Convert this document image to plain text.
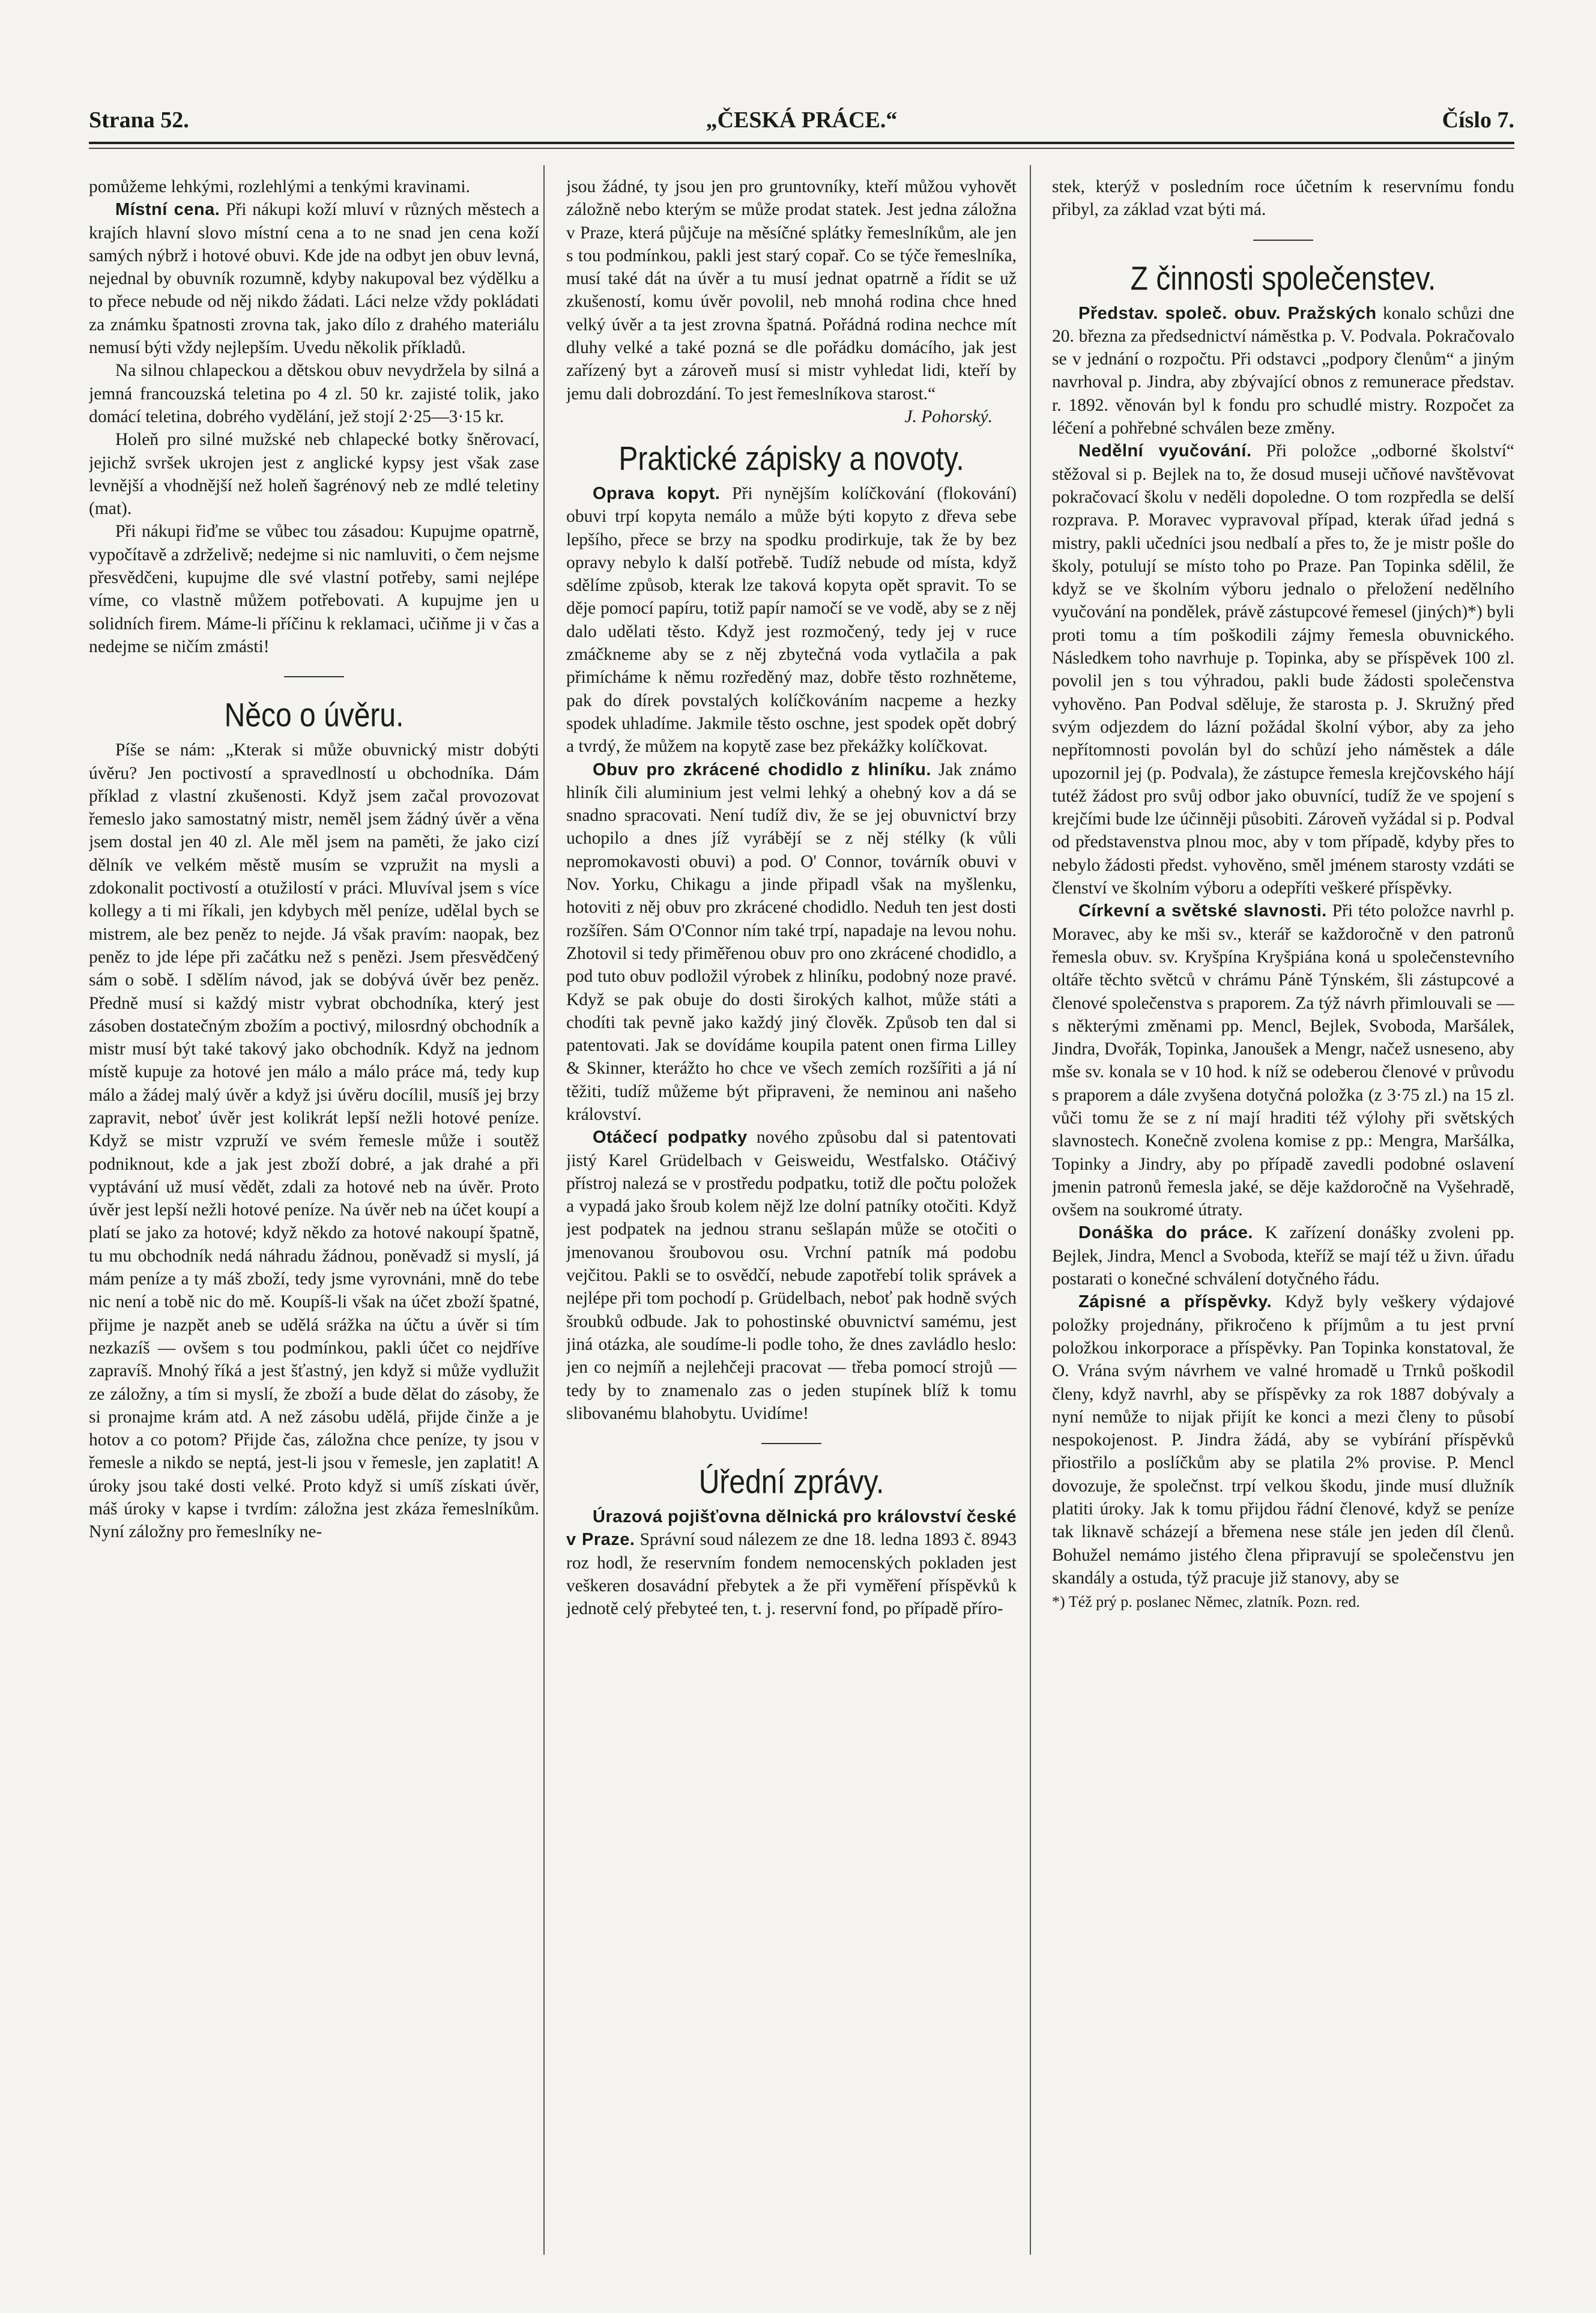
Strana 52.	„ČESKÁ PRÁCE.“	Číslo 7.

pomůžeme lehkými, rozlehlými a tenkými kravinami.

Místní cena. Při nákupi koží mluví v různých městech a krajích hlavní slovo místní cena a to ne snad jen cena koží samých nýbrž i hotové obuvi. Kde jde na odbyt jen obuv levná, nejednal by obuvník rozumně, kdyby nakupoval bez výdělku a to přece nebude od něj nikdo žádati. Láci nelze vždy pokládati za známku špatnosti zrovna tak, jako dílo z drahého materiálu nemusí býti vždy nejlepším. Uvedu několik příkladů.

Na silnou chlapeckou a dětskou obuv nevydržela by silná a jemná francouzská teletina po 4 zl. 50 kr. zajisté tolik, jako domácí teletina, dobrého vydělání, jež stojí 2·25—3·15 kr.

Holeň pro silné mužské neb chlapecké botky šněrovací, jejichž svršek ukrojen jest z anglické kypsy jest však zase levnější a vhodnější než holeň šagrénový neb ze mdlé teletiny (mat).

Při nákupi řiďme se vůbec tou zásadou: Kupujme opatrně, vypočítavě a zdrželivě; nedejme si nic namluviti, o čem nejsme přesvědčeni, kupujme dle své vlastní potřeby, sami nejlépe víme, co vlastně můžem potřebovati. A kupujme jen u solidních firem. Máme-li příčinu k reklamaci, učiňme ji v čas a nedejme se ničím zmásti!

Něco o úvěru.

Píše se nám: „Kterak si může obuvnický mistr dobýti úvěru? Jen poctivostí a spravedlností u obchodníka. Dám příklad z vlastní zkušenosti. Když jsem začal provozovat řemeslo jako samostatný mistr, neměl jsem žádný úvěr a věna jsem dostal jen 40 zl. Ale měl jsem na paměti, že jako cizí dělník ve velkém městě musím se vzpružit na mysli a zdokonalit poctivostí a otužilostí v práci. Mluvíval jsem s více kollegy a ti mi říkali, jen kdybych měl peníze, udělal bych se mistrem, ale bez peněz to nejde. Já však pravím: naopak, bez peněz to jde lépe při začátku než s penězi. Jsem přesvědčený sám o sobě. I sdělím návod, jak se dobývá úvěr bez peněz. Předně musí si každý mistr vybrat obchodníka, který jest zásoben dostatečným zbožím a poctivý, milosrdný obchodník a mistr musí být také takový jako obchodník. Když na jednom místě kupuje za hotové jen málo a málo práce má, tedy kup málo a žádej malý úvěr a když jsi úvěru docílil, musíš jej brzy zapravit, neboť úvěr jest kolikrát lepší nežli hotové peníze. Když se mistr vzpruží ve svém řemesle může i soutěž podniknout, kde a jak jest zboží dobré, a jak drahé a při vyptávání už musí vědět, zdali za hotové neb na úvěr. Proto úvěr jest lepší nežli hotové peníze. Na úvěr neb na účet koupí a platí se jako za hotové; když někdo za hotové nakoupí špatně, tu mu obchodník nedá náhradu žádnou, poněvadž si myslí, já mám peníze a ty máš zboží, tedy jsme vyrovnáni, mně do tebe nic není a tobě nic do mě. Koupíš-li však na účet zboží špatné, přijme je nazpět aneb se udělá srážka na účtu a úvěr si tím nezkazíš — ovšem s tou podmínkou, pakli účet co nejdříve zapravíš. Mnohý říká a jest šťastný, jen když si může vydlužit ze záložny, a tím si myslí, že zboží a bude dělat do zásoby, že si pronajme krám atd. A než zásobu udělá, přijde činže a je hotov a co potom? Přijde čas, záložna chce peníze, ty jsou v řemesle a nikdo se neptá, jest-li jsou v řemesle, jen zaplatit! A úroky jsou také dosti velké. Proto když si umíš získati úvěr, máš úroky v kapse i tvrdím: záložna jest zkáza řemeslníkům. Nyní záložny pro řemeslníky ne-

jsou žádné, ty jsou jen pro gruntovníky, kteří můžou vyhovět záložně nebo kterým se může prodat statek. Jest jedna záložna v Praze, která půjčuje na měsíčné splátky řemeslníkům, ale jen s tou podmínkou, pakli jest starý copař. Co se týče řemeslníka, musí také dát na úvěr a tu musí jednat opatrně a řídit se už zkušeností, komu úvěr povolil, neb mnohá rodina chce hned velký úvěr a ta jest zrovna špatná. Pořádná rodina nechce mít dluhy velké a také pozná se dle pořádku domácího, jak jest zařízený byt a zároveň musí si mistr vyhledat lidi, kteří by jemu dali dobrozdání. To jest řemeslníkova starost.“
J. Pohorský.

Praktické zápisky a novoty.

Oprava kopyt. Při nynějším kolíčkování (flokování) obuvi trpí kopyta nemálo a může býti kopyto z dřeva sebe lepšího, přece se brzy na spodku prodirkuje, tak že by bez opravy nebylo k další potřebě. Tudíž nebude od místa, když sdělíme způsob, kterak lze taková kopyta opět spravit. To se děje pomocí papíru, totiž papír namočí se ve vodě, aby se z něj dalo udělati těsto. Když jest rozmočený, tedy jej v ruce zmáčkneme aby se z něj zbytečná voda vytlačila a pak přimícháme k němu rozředěný maz, dobře těsto rozhněteme, pak do dírek povstalých kolíčkováním nacpeme a hezky spodek uhladíme. Jakmile těsto oschne, jest spodek opět dobrý a tvrdý, že můžem na kopytě zase bez překážky kolíčkovat.

Obuv pro zkrácené chodidlo z hliníku. Jak známo hliník čili aluminium jest velmi lehký a ohebný kov a dá se snadno spracovati. Není tudíž div, že se jej obuvnictví brzy uchopilo a dnes jíž vyrábějí se z něj stélky (k vůli nepromokavosti obuvi) a pod. O' Connor, továrník obuvi v Nov. Yorku, Chikagu a jinde připadl však na myšlenku, hotoviti z něj obuv pro zkrácené chodidlo. Neduh ten jest dosti rozšířen. Sám O'Connor ním také trpí, napadaje na levou nohu. Zhotovil si tedy přiměřenou obuv pro ono zkrácené chodidlo, a pod tuto obuv podložil výrobek z hliníku, podobný noze pravé. Když se pak obuje do dosti širokých kalhot, může státi a chodíti tak pevně jako každý jiný člověk. Způsob ten dal si patentovati. Jak se dovídáme koupila patent onen firma Lilley & Skinner, kterážto ho chce ve všech zemích rozšířiti a já ní těžiti, tudíž můžeme být připraveni, že neminou ani našeho království.

Otáčecí podpatky nového způsobu dal si patentovati jistý Karel Grüdelbach v Geisweidu, Westfalsko. Otáčivý přístroj nalezá se v prostředu podpatku, totiž dle počtu položek a vypadá jako šroub kolem nějž lze dolní patníky otočiti. Když jest podpatek na jednou stranu sešlapán může se otočiti o jmenovanou šroubovou osu. Vrchní patník má podobu vejčitou. Pakli se to osvědčí, nebude zapotřebí tolik správek a nejlépe při tom pochodí p. Grüdelbach, neboť pak hodně svých šroubků odbude. Jak to pohostinské obuvnictví samému, jest jiná otázka, ale soudíme-li podle toho, že dnes zavládlo heslo: jen co nejmíň a nejlehčeji pracovat — třeba pomocí strojů — tedy by to znamenalo zas o jeden stupínek blíž k tomu slibovanému blahobytu. Uvidíme!

Úřední zprávy.

Úrazová pojišťovna dělnická pro království české v Praze. Správní soud nálezem ze dne 18. ledna 1893 č. 8943 roz hodl, že reservním fondem nemocenských pokladen jest veškeren dosavádní přebytek a že při vyměření příspěvků k jednotě celý přebyteé ten, t. j. reservní fond, po případě příro-

stek, kterýž v posledním roce účetním k reservnímu fondu přibyl, za základ vzat býti má.

Z činnosti společenstev.

Představ. společ. obuv. Pražských konalo schůzi dne 20. března za předsednictví náměstka p. V. Podvala. Pokračovalo se v jednání o rozpočtu. Při odstavci „podpory členům“ a jiným navrhoval p. Jindra, aby zbývající obnos z remunerace představ. r. 1892. věnován byl k fondu pro schudlé mistry. Rozpočet za léčení a pohřebné schválen beze změny.

Nedělní vyučování. Při položce „odborné školství“ stěžoval si p. Bejlek na to, že dosud museji učňové navštěvovat pokračovací školu v neděli dopoledne. O tom rozpředla se delší rozprava. P. Moravec vypravoval případ, kterak úřad jedná s mistry, pakli učedníci jsou nedbalí a přes to, že je mistr pošle do školy, potulují se místo toho po Praze. Pan Topinka sdělil, že když se ve školním výboru jednalo o přeložení nedělního vyučování na pondělek, právě zástupcové řemesel (jiných)*) byli proti tomu a tím poškodili zájmy řemesla obuvnického. Následkem toho navrhuje p. Topinka, aby se příspěvek 100 zl. povolil jen s tou výhradou, pakli bude žádosti společenstva vyhověno. Pan Podval sděluje, že starosta p. J. Skružný před svým odjezdem do lázní požádal školní výbor, aby za jeho nepřítomnosti povolán byl do schůzí jeho náměstek a dále upozornil jej (p. Podvala), že zástupce řemesla krejčovského hájí tutéž žádost pro svůj odbor jako obuvnící, tudíž že ve spojení s krejčími bude lze účinněji působiti. Zároveň vyžádal si p. Podval od představenstva plnou moc, aby v tom případě, kdyby přes to nebylo žádosti předst. vyhověno, směl jménem starosty vzdáti se členství ve školním výboru a odepříti veškeré příspěvky.

Církevní a světské slavnosti. Při této položce navrhl p. Moravec, aby ke mši sv., kterář se každoročně v den patronů řemesla obuv. sv. Kryšpína Kryšpiána koná u společenstevního oltáře těchto světců v chrámu Páně Týnském, šli zástupcové a členové společenstva s praporem. Za týž návrh přimlouvali se — s některými změnami pp. Mencl, Bejlek, Svoboda, Maršálek, Jindra, Dvořák, Topinka, Janoušek a Mengr, načež usneseno, aby mše sv. konala se v 10 hod. k níž se odeberou členové v průvodu s praporem a dále zvyšena dotyčná položka (z 3·75 zl.) na 15 zl. vůči tomu že se z ní mají hraditi též výlohy při světských slavnostech. Konečně zvolena komise z pp.: Mengra, Maršálka, Topinky a Jindry, aby po případě zavedli podobné oslavení jmenin patronů řemesla jaké, se děje každoročně na Vyšehradě, ovšem na soukromé útraty.

Donáška do práce. K zařízení donášky zvoleni pp. Bejlek, Jindra, Mencl a Svoboda, kteříž se mají též u živn. úřadu postarati o konečné schválení dotyčného řádu.

Zápisné a příspěvky. Když byly veškery výdajové položky projednány, přikročeno k příjmům a tu jest první položkou inkorporace a příspěvky. Pan Topinka konstatoval, že O. Vrána svým návrhem ve valné hromadě u Trnků poškodil členy, když navrhl, aby se příspěvky za rok 1887 dobývaly a nyní nemůže to nijak přijít ke konci a mezi členy to působí nespokojenost. P. Jindra žádá, aby se vybírání příspěvků přiostřilo a poslíčkům aby se platila 2% provise. P. Mencl dovozuje, že společnst. trpí velkou škodu, jinde musí dlužník platiti úroky. Jak k tomu přijdou řádní členové, když se peníze tak liknavě scházejí a břemena nese stále jen jeden díl členů. Bohužel nemámo jistého člena připravují se společenstvu jen skandály a ostuda, týž pracuje již stanovy, aby se

*) Též prý p. poslanec Němec, zlatník. Pozn. red.
